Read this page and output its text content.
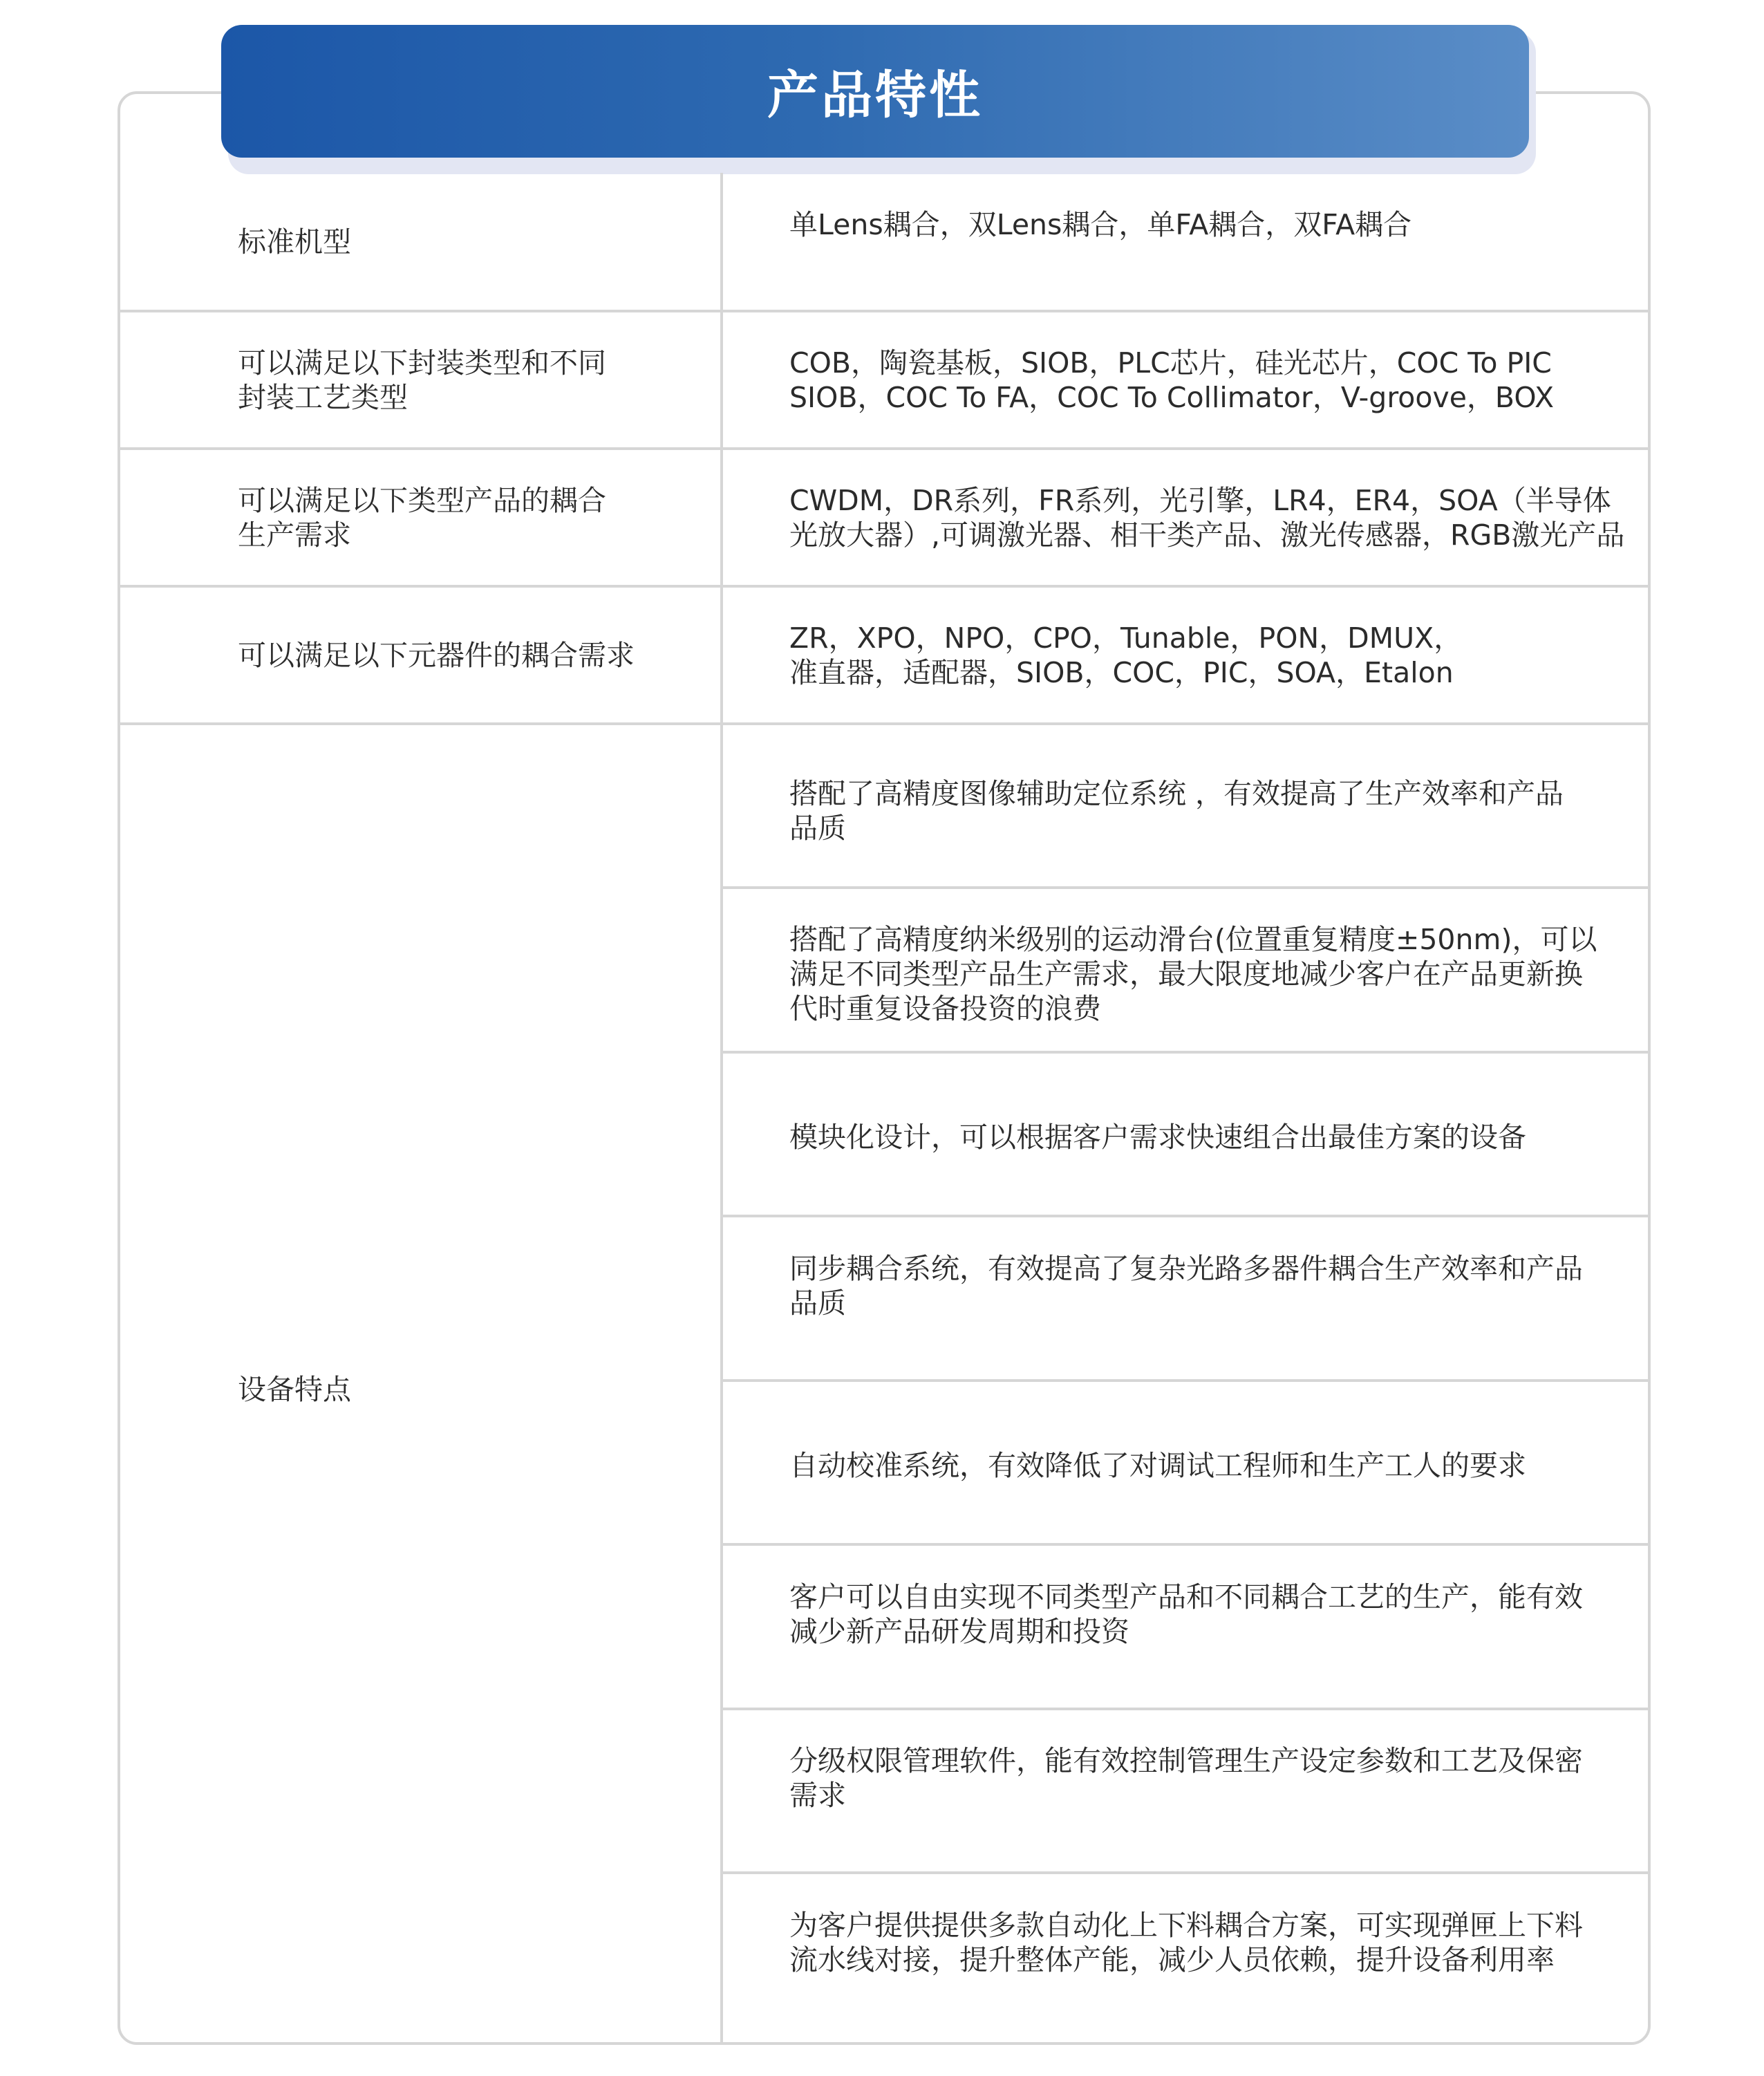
产品特性
标准机型
单Lens耦合，双Lens耦合，单FA耦合，双FA耦合
可以满足以下封装类型和不同
封装工艺类型
COB，陶瓷基板，SIOB，PLC芯片，硅光芯片，COC To PIC
SIOB，COC To FA，COC To Collimator，V-groove，BOX
可以满足以下类型产品的耦合
生产需求
CWDM，DR系列，FR系列，光引擎，LR4，ER4，SOA（半导体
光放大器）,可调激光器、相干类产品、激光传感器，RGB激光产品
可以满足以下元器件的耦合需求
ZR，XPO，NPO，CPO，Tunable，PON，DMUX，
准直器，适配器，SIOB，COC，PIC，SOA，Etalon
设备特点
搭配了高精度图像辅助定位系统 ，有效提高了生产效率和产品
品质
搭配了高精度纳米级别的运动滑台(位置重复精度±50nm)，可以
满足不同类型产品生产需求，最大限度地减少客户在产品更新换
代时重复设备投资的浪费
模块化设计，可以根据客户需求快速组合出最佳方案的设备
同步耦合系统，有效提高了复杂光路多器件耦合生产效率和产品
品质
自动校准系统，有效降低了对调试工程师和生产工人的要求
客户可以自由实现不同类型产品和不同耦合工艺的生产，能有效
减少新产品研发周期和投资
分级权限管理软件，能有效控制管理生产设定参数和工艺及保密
需求
为客户提供提供多款自动化上下料耦合方案，可实现弹匣上下料
流水线对接，提升整体产能，减少人员依赖，提升设备利用率
